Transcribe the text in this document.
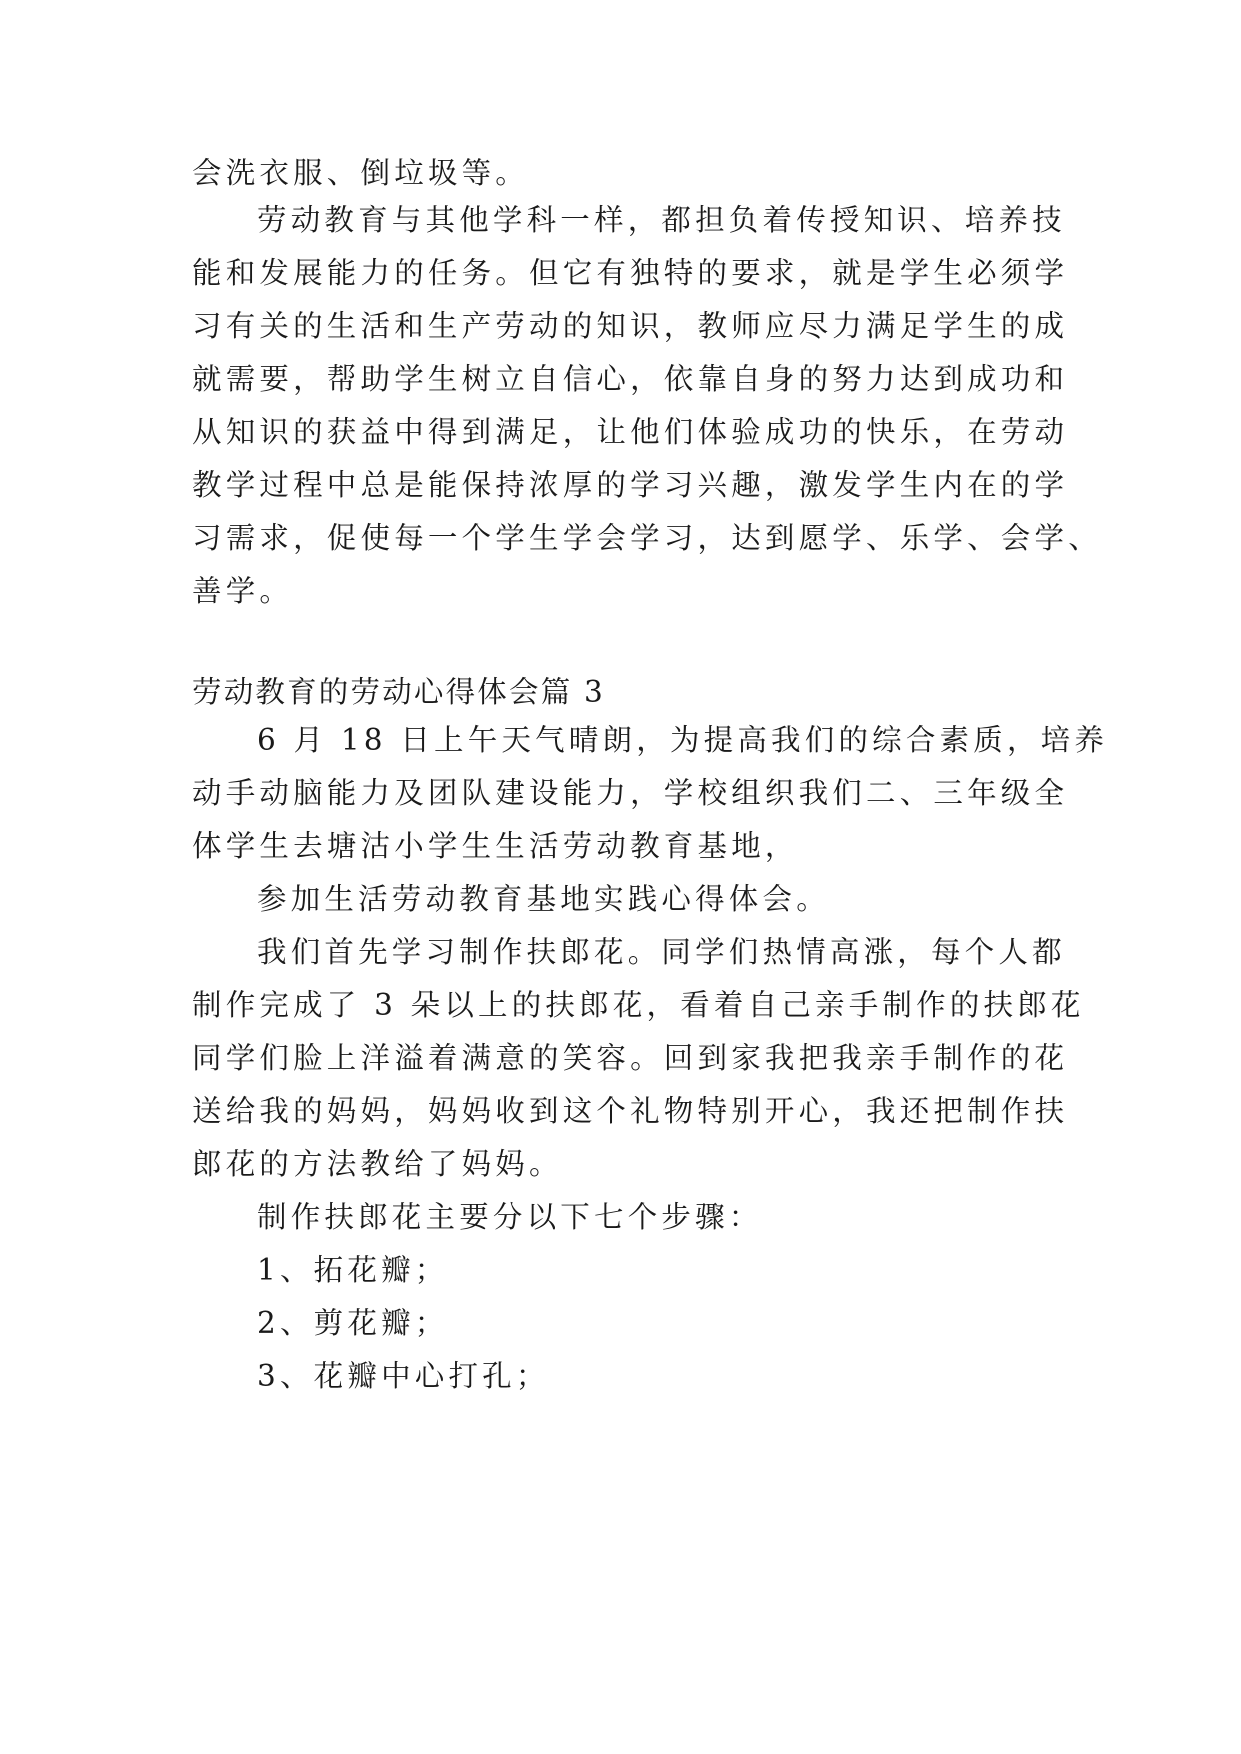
会洗衣服、倒垃圾等。
劳动教育与其他学科一样，都担负着传授知识、培养技
能和发展能力的任务。但它有独特的要求，就是学生必须学
习有关的生活和生产劳动的知识，教师应尽力满足学生的成
就需要，帮助学生树立自信心，依靠自身的努力达到成功和
从知识的获益中得到满足，让他们体验成功的快乐，在劳动
教学过程中总是能保持浓厚的学习兴趣，激发学生内在的学
习需求，促使每一个学生学会学习，达到愿学、乐学、会学、
善学。
劳动教育的劳动心得体会篇 3
6 月 18 日上午天气晴朗，为提高我们的综合素质，培养
动手动脑能力及团队建设能力，学校组织我们二、三年级全
体学生去塘沽小学生生活劳动教育基地，
参加生活劳动教育基地实践心得体会。
我们首先学习制作扶郎花。同学们热情高涨，每个人都
制作完成了 3 朵以上的扶郎花，看着自己亲手制作的扶郎花
同学们脸上洋溢着满意的笑容。回到家我把我亲手制作的花
送给我的妈妈，妈妈收到这个礼物特别开心，我还把制作扶
郎花的方法教给了妈妈。
制作扶郎花主要分以下七个步骤：
1、拓花瓣；
2、剪花瓣；
3、花瓣中心打孔；
